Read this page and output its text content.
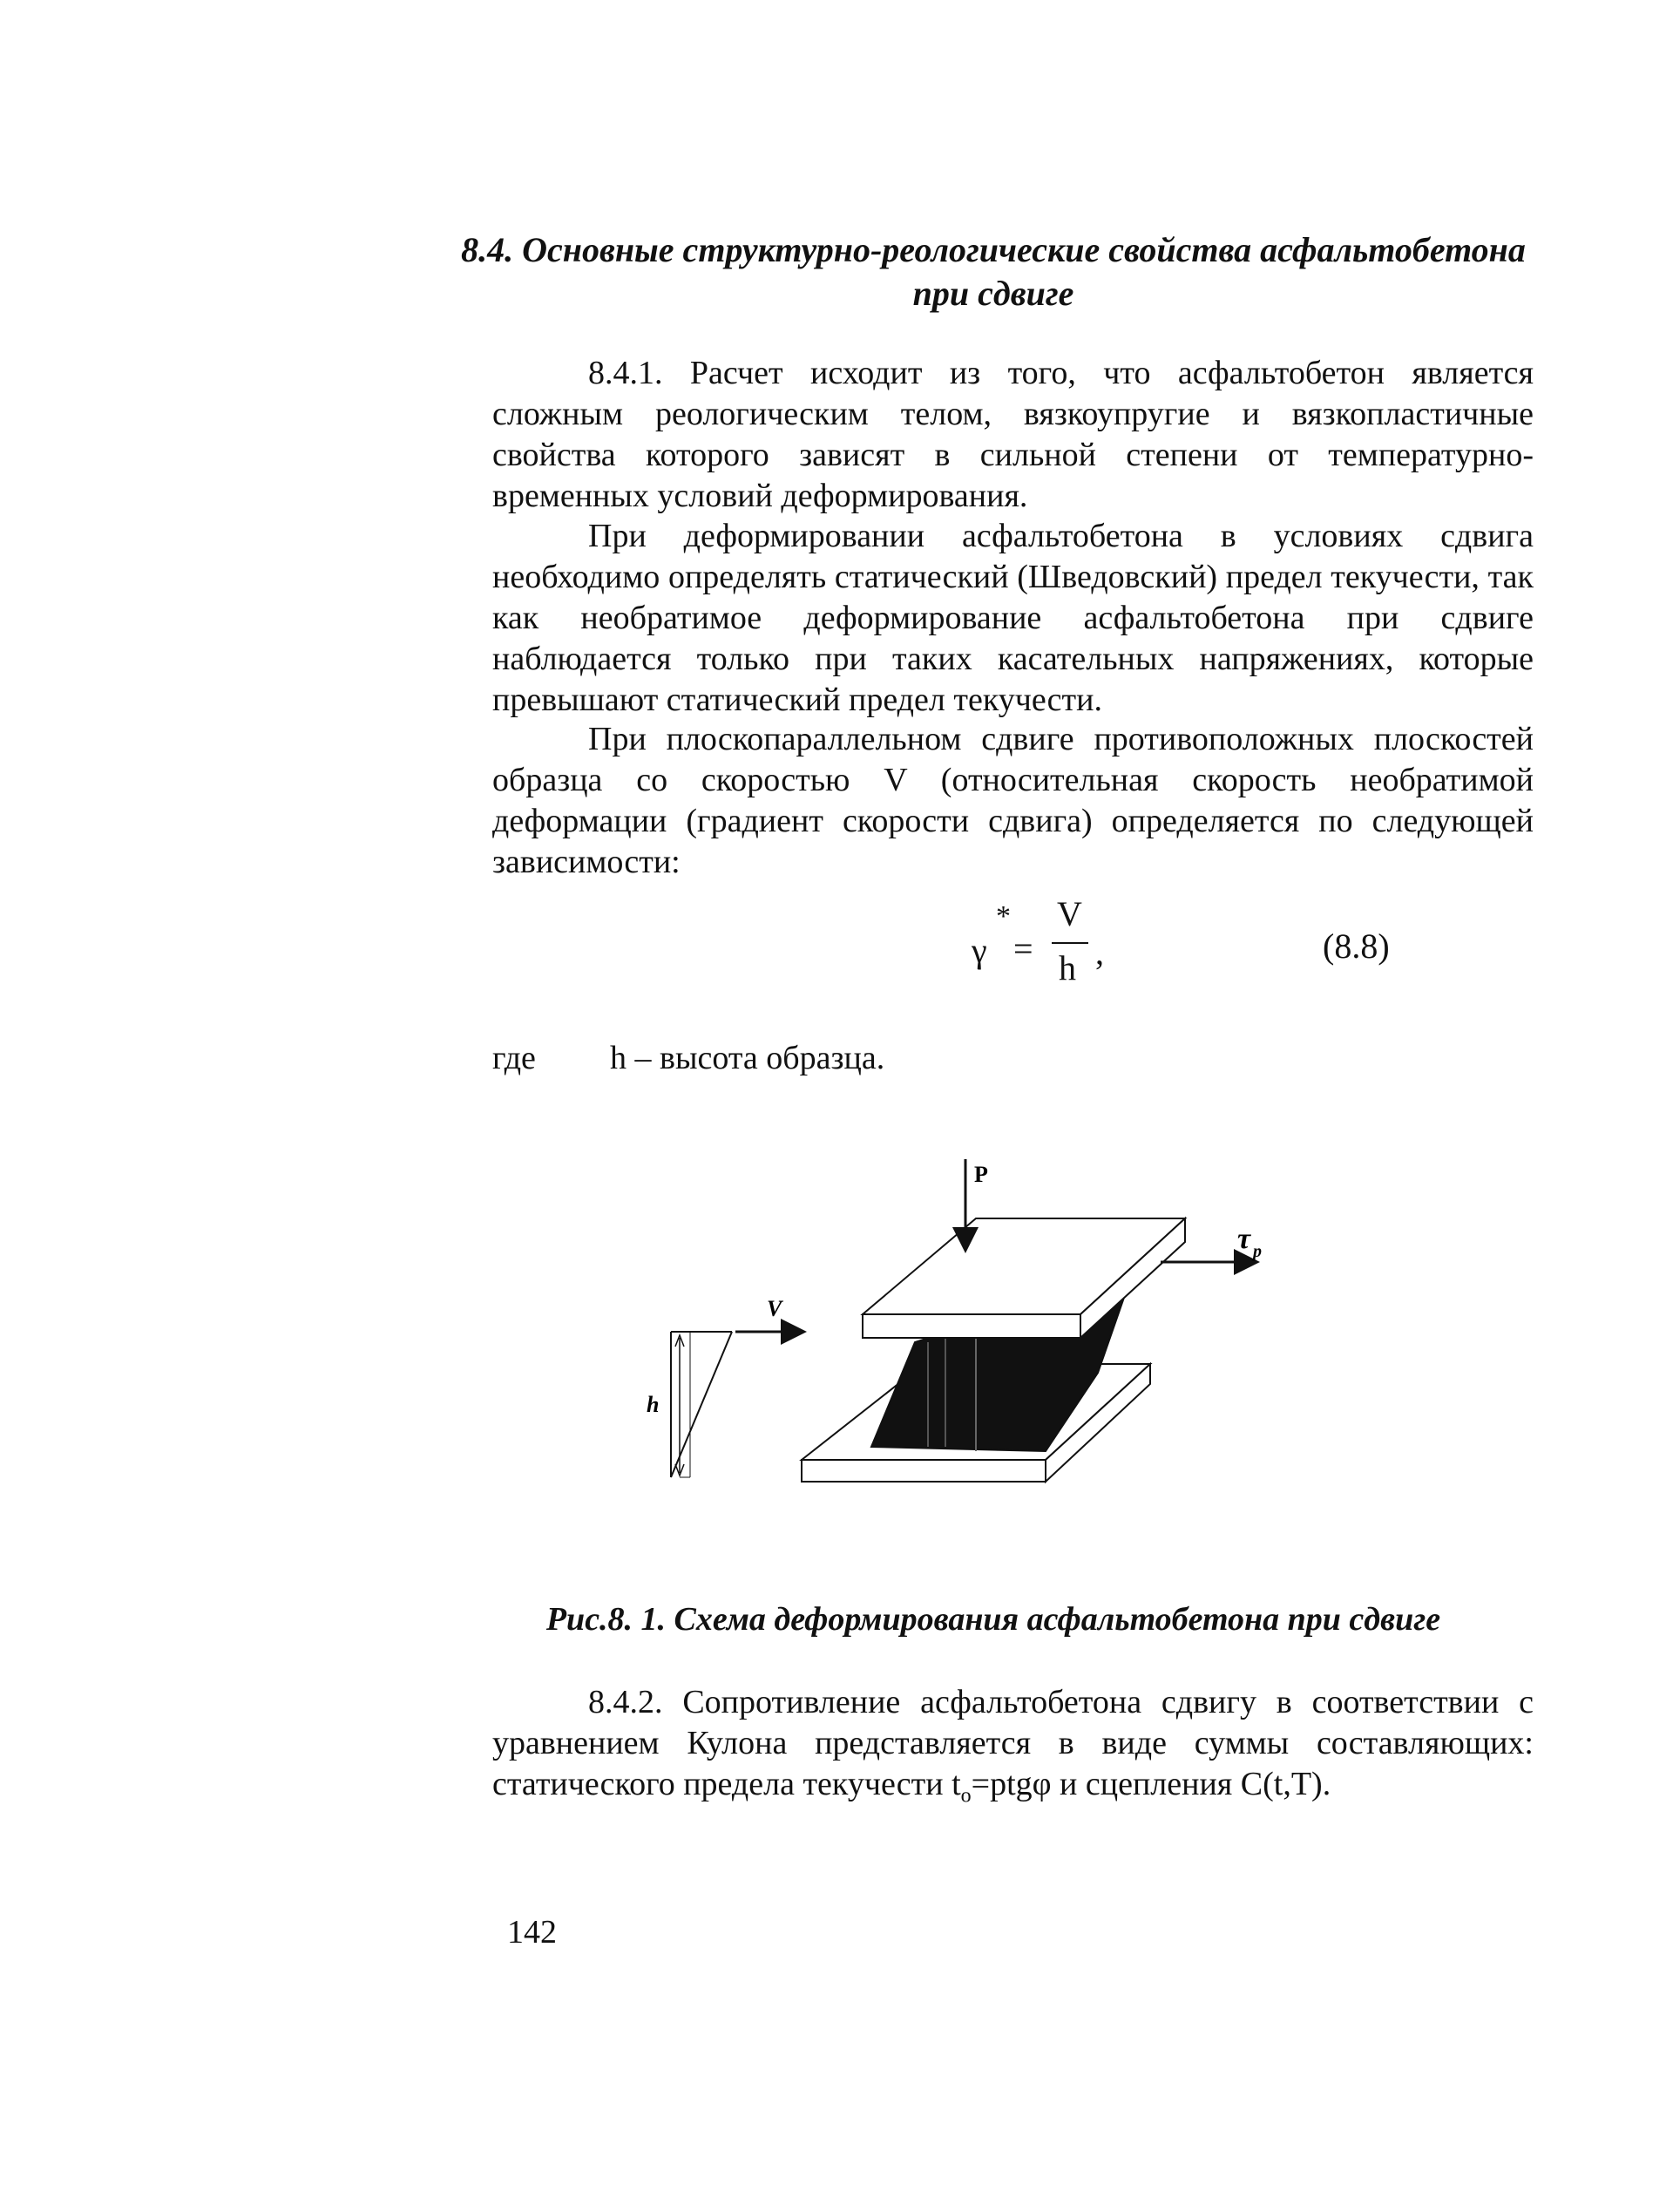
8.4. Основные структурно-реологические свойства асфальтобетона
при сдвиге

8.4.1. Расчет исходит из того, что асфальтобетон является сложным реологическим телом, вязкоупругие и вязкопластичные свойства которого зависят в сильной степени от температурно-временных условий деформирования.

При деформировании асфальтобетона в условиях сдвига необходимо определять статический (Шведовский) предел текучести, так как необратимое деформирование асфальтобетона при сдвиге наблюдается только при таких касательных напряжениях, которые превышают статический предел текучести.

При плоскопараллельном сдвиге противоположных плоскостей образца со скоростью V (относительная скорость необратимой деформации (градиент скорости сдвига) определяется по следующей зависимости:

γ
*
=
V
h ,	(8.8)
где h – высота образца.
P
τ p
V
h
Рис.8. 1. Схема деформирования асфальтобетона при сдвиге

8.4.2. Сопротивление асфальтобетона сдвигу в соответствии с уравнением Кулона представляется в виде суммы составляющих: статического предела текучести $t_o=ptg\varphi$ и сцепления C(t,T).

142
